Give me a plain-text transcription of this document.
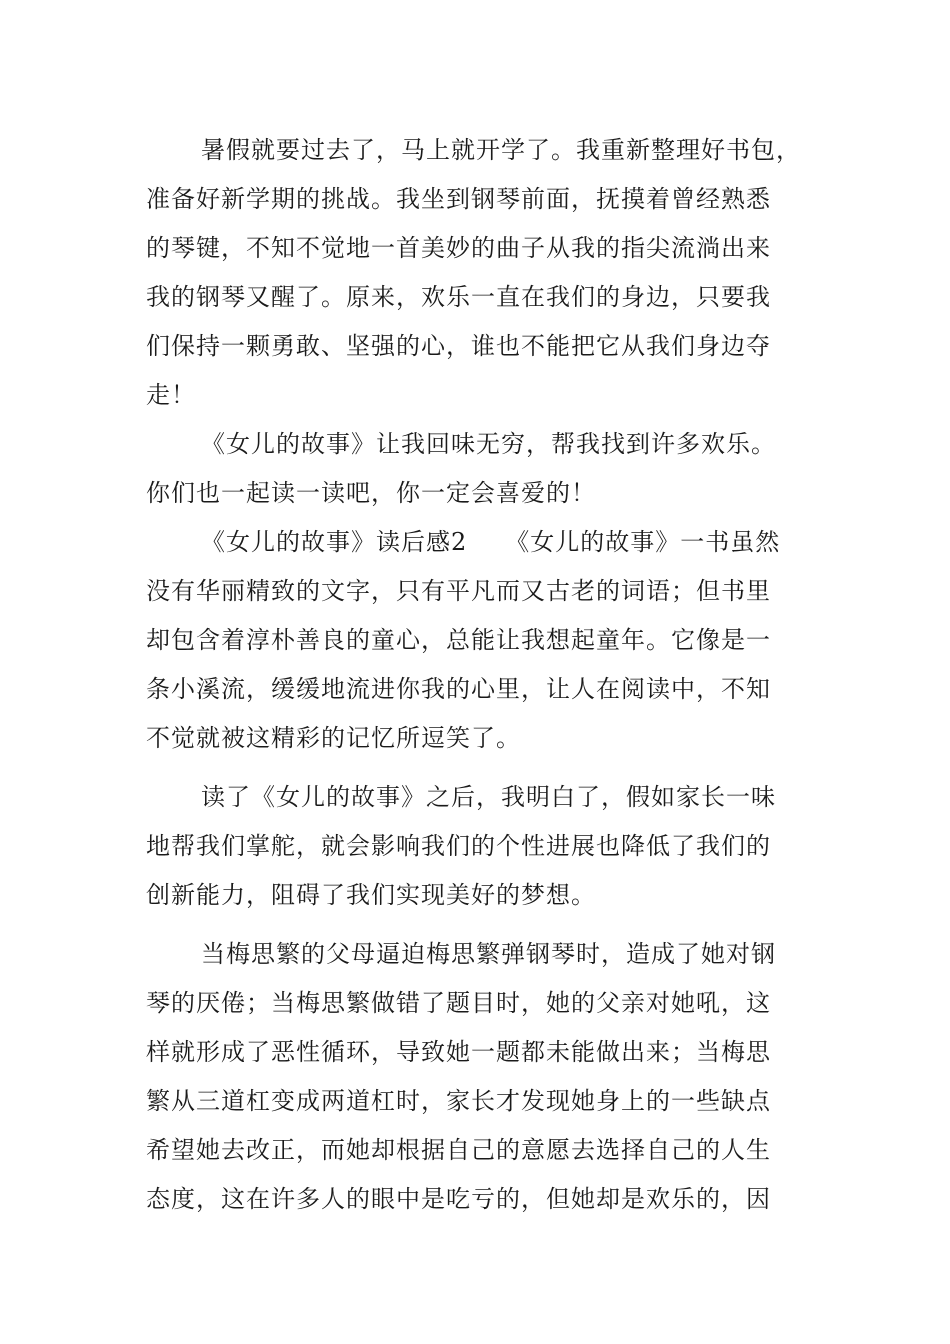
暑假就要过去了，马上就开学了。我重新整理好书包，
准备好新学期的挑战。我坐到钢琴前面，抚摸着曾经熟悉
的琴键，不知不觉地一首美妙的曲子从我的指尖流淌出来
我的钢琴又醒了。原来，欢乐一直在我们的身边，只要我
们保持一颗勇敢、坚强的心，谁也不能把它从我们身边夺
走！
《女儿的故事》让我回味无穷，帮我找到许多欢乐。
你们也一起读一读吧，你一定会喜爱的！
《女儿的故事》读后感2　　《女儿的故事》一书虽然
没有华丽精致的文字，只有平凡而又古老的词语；但书里
却包含着淳朴善良的童心，总能让我想起童年。它像是一
条小溪流，缓缓地流进你我的心里，让人在阅读中，不知
不觉就被这精彩的记忆所逗笑了。
读了《女儿的故事》之后，我明白了，假如家长一味
地帮我们掌舵，就会影响我们的个性进展也降低了我们的
创新能力，阻碍了我们实现美好的梦想。
当梅思繁的父母逼迫梅思繁弹钢琴时，造成了她对钢
琴的厌倦；当梅思繁做错了题目时，她的父亲对她吼，这
样就形成了恶性循环，导致她一题都未能做出来；当梅思
繁从三道杠变成两道杠时，家长才发现她身上的一些缺点
希望她去改正，而她却根据自己的意愿去选择自己的人生
态度，这在许多人的眼中是吃亏的，但她却是欢乐的，因
